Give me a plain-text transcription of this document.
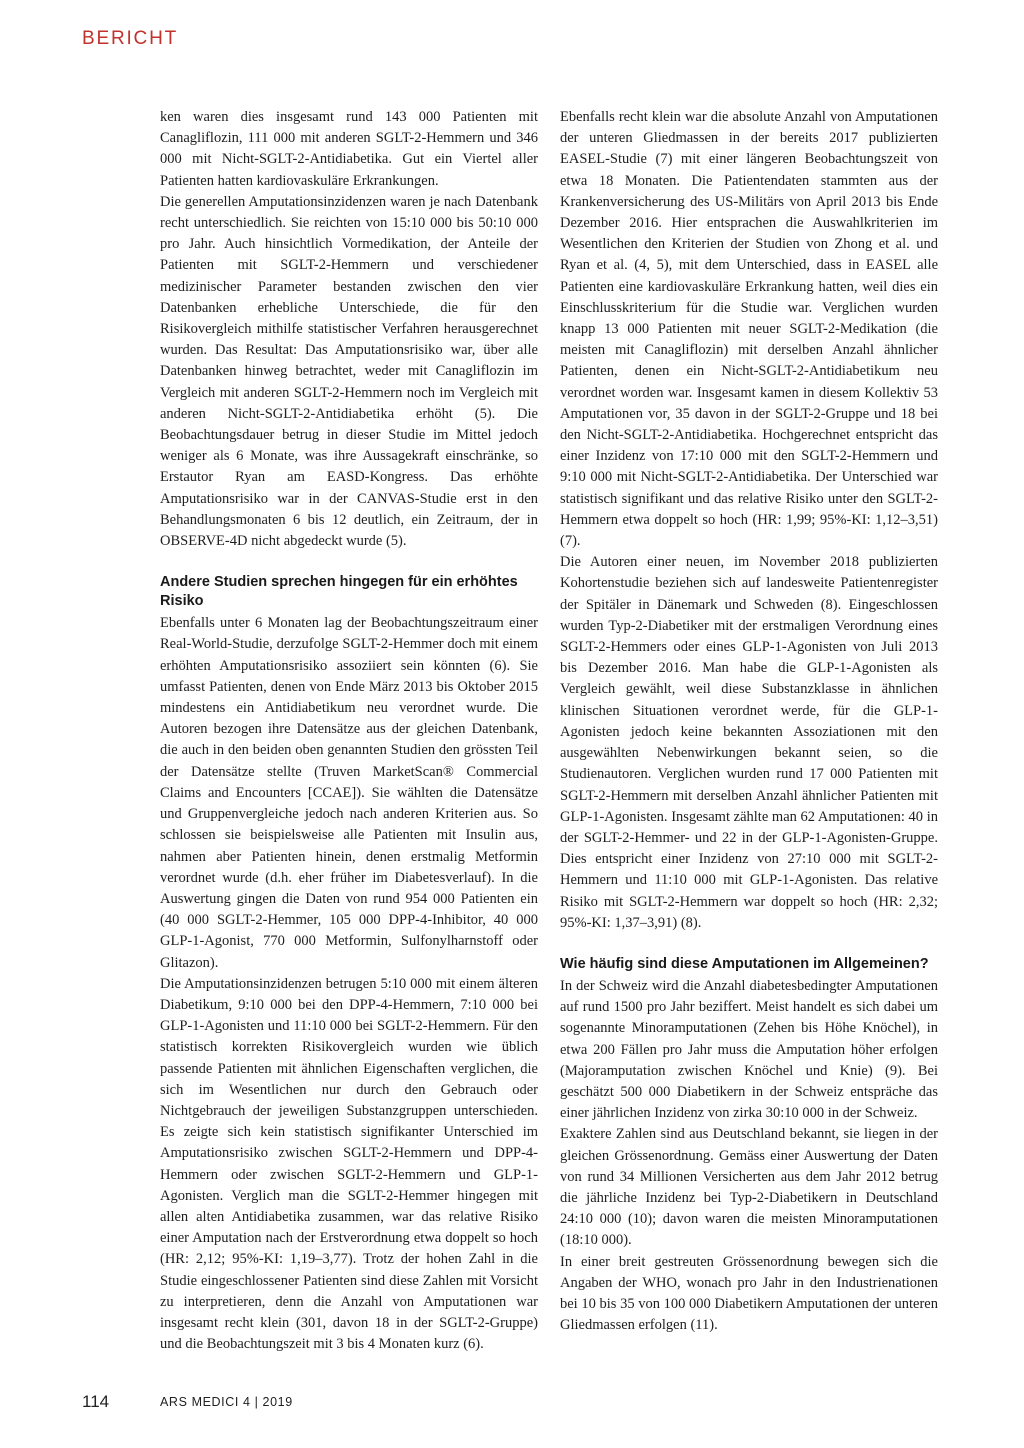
BERICHT

ken waren dies insgesamt rund 143 000 Patienten mit Canagliflozin, 111 000 mit anderen SGLT-2-Hemmern und 346 000 mit Nicht-SGLT-2-Antidiabetika. Gut ein Viertel aller Patienten hatten kardiovaskuläre Erkrankungen.

Die generellen Amputationsinzidenzen waren je nach Datenbank recht unterschiedlich. Sie reichten von 15:10 000 bis 50:10 000 pro Jahr. Auch hinsichtlich Vormedikation, der Anteile der Patienten mit SGLT-2-Hemmern und verschiedener medizinischer Parameter bestanden zwischen den vier Datenbanken erhebliche Unterschiede, die für den Risikovergleich mithilfe statistischer Verfahren herausgerechnet wurden. Das Resultat: Das Amputationsrisiko war, über alle Datenbanken hinweg betrachtet, weder mit Canagliflozin im Vergleich mit anderen SGLT-2-Hemmern noch im Vergleich mit anderen Nicht-SGLT-2-Antidiabetika erhöht (5). Die Beobachtungsdauer betrug in dieser Studie im Mittel jedoch weniger als 6 Monate, was ihre Aussagekraft einschränke, so Erstautor Ryan am EASD-Kongress. Das erhöhte Amputationsrisiko war in der CANVAS-Studie erst in den Behandlungsmonaten 6 bis 12 deutlich, ein Zeitraum, der in OBSERVE-4D nicht abgedeckt wurde (5).

Andere Studien sprechen hingegen für ein erhöhtes Risiko

Ebenfalls unter 6 Monaten lag der Beobachtungszeitraum einer Real-World-Studie, derzufolge SGLT-2-Hemmer doch mit einem erhöhten Amputationsrisiko assoziiert sein könnten (6). Sie umfasst Patienten, denen von Ende März 2013 bis Oktober 2015 mindestens ein Antidiabetikum neu verordnet wurde. Die Autoren bezogen ihre Datensätze aus der gleichen Datenbank, die auch in den beiden oben genannten Studien den grössten Teil der Datensätze stellte (Truven MarketScan® Commercial Claims and Encounters [CCAE]). Sie wählten die Datensätze und Gruppenvergleiche jedoch nach anderen Kriterien aus. So schlossen sie beispielsweise alle Patienten mit Insulin aus, nahmen aber Patienten hinein, denen erstmalig Metformin verordnet wurde (d.h. eher früher im Diabetesverlauf). In die Auswertung gingen die Daten von rund 954 000 Patienten ein (40 000 SGLT-2-Hemmer, 105 000 DPP-4-Inhibitor, 40 000 GLP-1-Agonist, 770 000 Metformin, Sulfonylharnstoff oder Glitazon).

Die Amputationsinzidenzen betrugen 5:10 000 mit einem älteren Diabetikum, 9:10 000 bei den DPP-4-Hemmern, 7:10 000 bei GLP-1-Agonisten und 11:10 000 bei SGLT-2-Hemmern. Für den statistisch korrekten Risikovergleich wurden wie üblich passende Patienten mit ähnlichen Eigenschaften verglichen, die sich im Wesentlichen nur durch den Gebrauch oder Nichtgebrauch der jeweiligen Substanzgruppen unterschieden. Es zeigte sich kein statistisch signifikanter Unterschied im Amputationsrisiko zwischen SGLT-2-Hemmern und DPP-4-Hemmern oder zwischen SGLT-2-Hemmern und GLP-1-Agonisten. Verglich man die SGLT-2-Hemmer hingegen mit allen alten Antidiabetika zusammen, war das relative Risiko einer Amputation nach der Erstverordnung etwa doppelt so hoch (HR: 2,12; 95%-KI: 1,19–3,77). Trotz der hohen Zahl in die Studie eingeschlossener Patienten sind diese Zahlen mit Vorsicht zu interpretieren, denn die Anzahl von Amputationen war insgesamt recht klein (301, davon 18 in der SGLT-2-Gruppe) und die Beobachtungszeit mit 3 bis 4 Monaten kurz (6).

Ebenfalls recht klein war die absolute Anzahl von Amputationen der unteren Gliedmassen in der bereits 2017 publizierten EASEL-Studie (7) mit einer längeren Beobachtungszeit von etwa 18 Monaten. Die Patientendaten stammten aus der Krankenversicherung des US-Militärs von April 2013 bis Ende Dezember 2016. Hier entsprachen die Auswahlkriterien im Wesentlichen den Kriterien der Studien von Zhong et al. und Ryan et al. (4, 5), mit dem Unterschied, dass in EASEL alle Patienten eine kardiovaskuläre Erkrankung hatten, weil dies ein Einschlusskriterium für die Studie war. Verglichen wurden knapp 13 000 Patienten mit neuer SGLT-2-Medikation (die meisten mit Canagliflozin) mit derselben Anzahl ähnlicher Patienten, denen ein Nicht-SGLT-2-Antidiabetikum neu verordnet worden war. Insgesamt kamen in diesem Kollektiv 53 Amputationen vor, 35 davon in der SGLT-2-Gruppe und 18 bei den Nicht-SGLT-2-Antidiabetika. Hochgerechnet entspricht das einer Inzidenz von 17:10 000 mit den SGLT-2-Hemmern und 9:10 000 mit Nicht-SGLT-2-Antidiabetika. Der Unterschied war statistisch signifikant und das relative Risiko unter den SGLT-2-Hemmern etwa doppelt so hoch (HR: 1,99; 95%-KI: 1,12–3,51) (7).

Die Autoren einer neuen, im November 2018 publizierten Kohortenstudie beziehen sich auf landesweite Patientenregister der Spitäler in Dänemark und Schweden (8). Eingeschlossen wurden Typ-2-Diabetiker mit der erstmaligen Verordnung eines SGLT-2-Hemmers oder eines GLP-1-Agonisten von Juli 2013 bis Dezember 2016. Man habe die GLP-1-Agonisten als Vergleich gewählt, weil diese Substanzklasse in ähnlichen klinischen Situationen verordnet werde, für die GLP-1-Agonisten jedoch keine bekannten Assoziationen mit den ausgewählten Nebenwirkungen bekannt seien, so die Studienautoren. Verglichen wurden rund 17 000 Patienten mit SGLT-2-Hemmern mit derselben Anzahl ähnlicher Patienten mit GLP-1-Agonisten. Insgesamt zählte man 62 Amputationen: 40 in der SGLT-2-Hemmer- und 22 in der GLP-1-Agonisten-Gruppe. Dies entspricht einer Inzidenz von 27:10 000 mit SGLT-2-Hemmern und 11:10 000 mit GLP-1-Agonisten. Das relative Risiko mit SGLT-2-Hemmern war doppelt so hoch (HR: 2,32; 95%-KI: 1,37–3,91) (8).

Wie häufig sind diese Amputationen im Allgemeinen?

In der Schweiz wird die Anzahl diabetesbedingter Amputationen auf rund 1500 pro Jahr beziffert. Meist handelt es sich dabei um sogenannte Minoramputationen (Zehen bis Höhe Knöchel), in etwa 200 Fällen pro Jahr muss die Amputation höher erfolgen (Majoramputation zwischen Knöchel und Knie) (9). Bei geschätzt 500 000 Diabetikern in der Schweiz entspräche das einer jährlichen Inzidenz von zirka 30:10 000 in der Schweiz.

Exaktere Zahlen sind aus Deutschland bekannt, sie liegen in der gleichen Grössenordnung. Gemäss einer Auswertung der Daten von rund 34 Millionen Versicherten aus dem Jahr 2012 betrug die jährliche Inzidenz bei Typ-2-Diabetikern in Deutschland 24:10 000 (10); davon waren die meisten Minoramputationen (18:10 000).

In einer breit gestreuten Grössenordnung bewegen sich die Angaben der WHO, wonach pro Jahr in den Industrienationen bei 10 bis 35 von 100 000 Diabetikern Amputationen der unteren Gliedmassen erfolgen (11).

114	ARS MEDICI 4 | 2019
